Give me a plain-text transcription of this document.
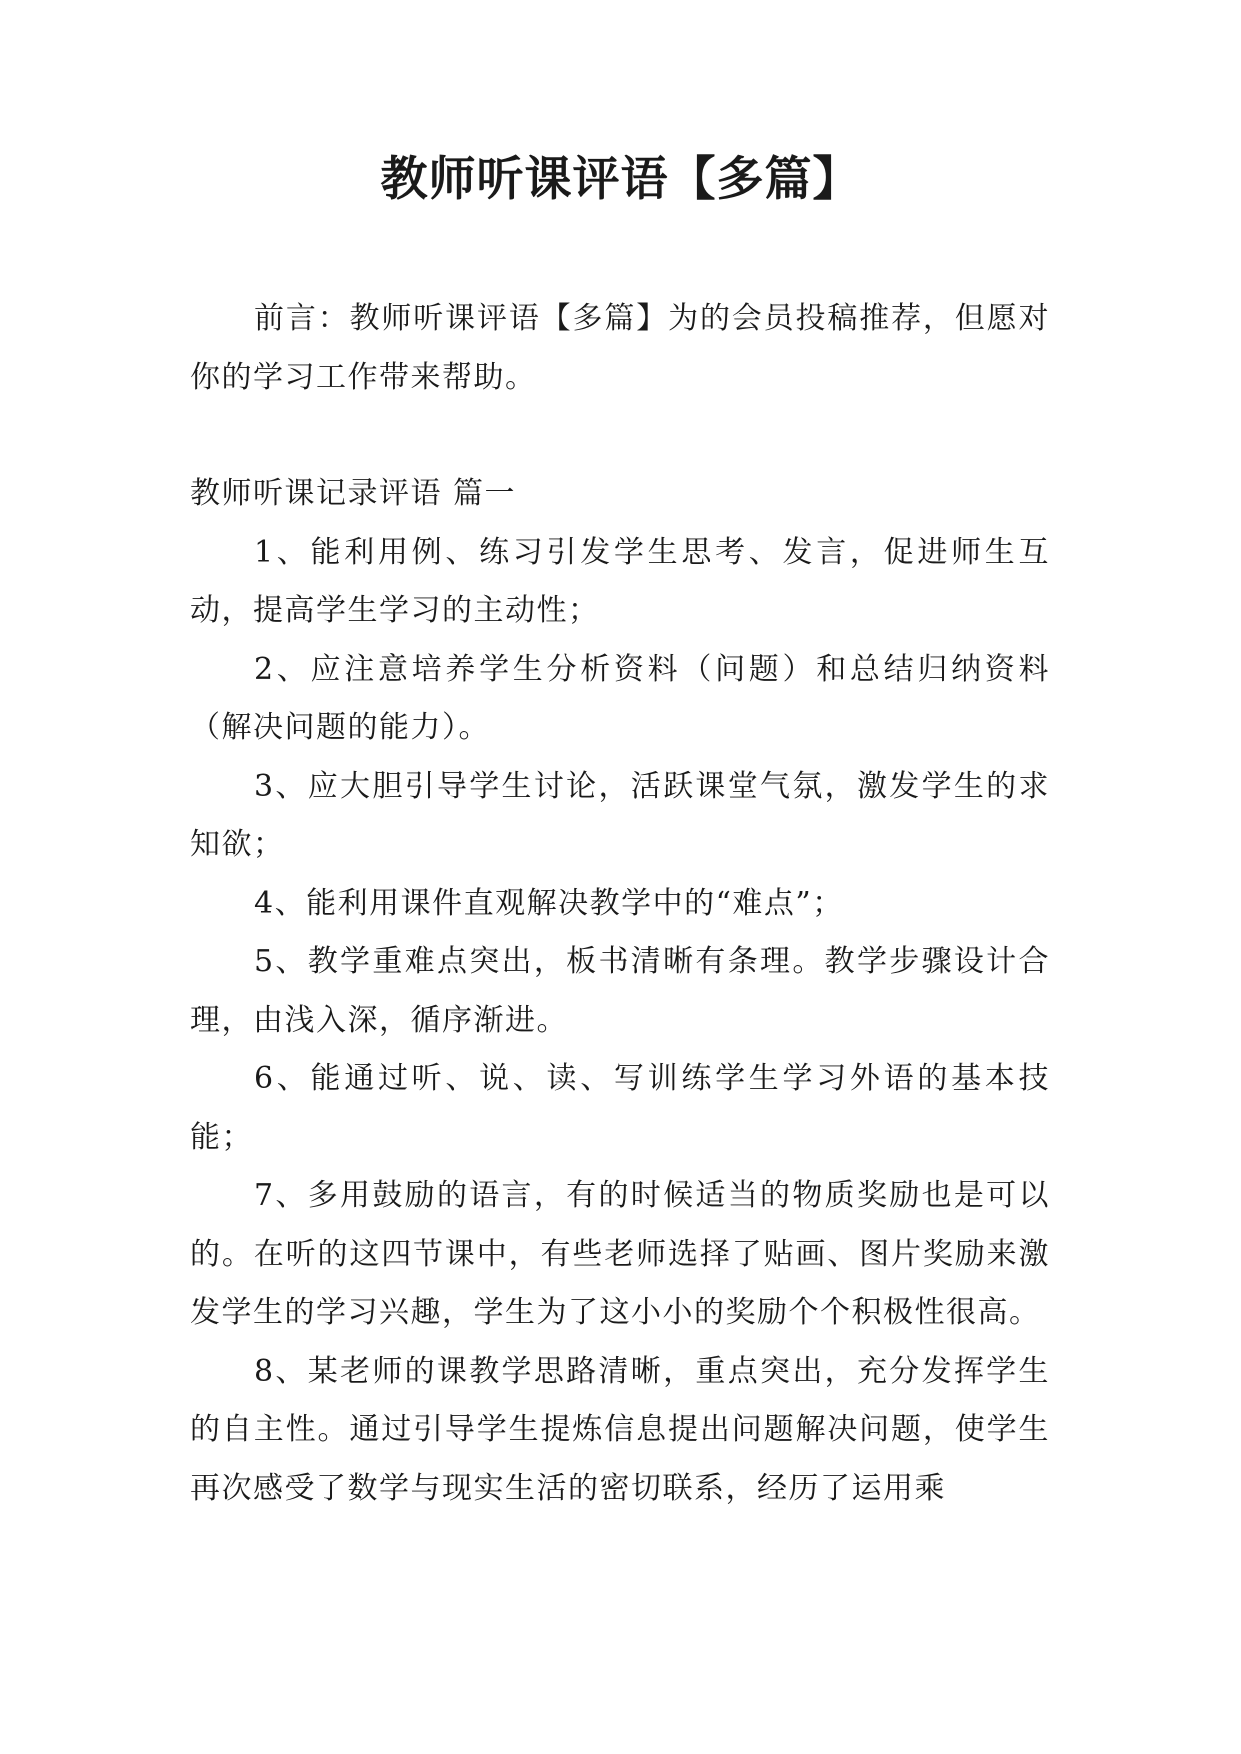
教师听课评语【多篇】

前言：教师听课评语【多篇】为的会员投稿推荐，但愿对你的学习工作带来帮助。

教师听课记录评语 篇一

1、能利用例、练习引发学生思考、发言，促进师生互动，提高学生学习的主动性；

2、应注意培养学生分析资料（问题）和总结归纳资料（解决问题的能力）。

3、应大胆引导学生讨论，活跃课堂气氛，激发学生的求知欲；

4、能利用课件直观解决教学中的“难点”；

5、教学重难点突出，板书清晰有条理。教学步骤设计合理，由浅入深，循序渐进。

6、能通过听、说、读、写训练学生学习外语的基本技能；

7、多用鼓励的语言，有的时候适当的物质奖励也是可以的。在听的这四节课中，有些老师选择了贴画、图片奖励来激发学生的学习兴趣，学生为了这小小的奖励个个积极性很高。

8、某老师的课教学思路清晰，重点突出，充分发挥学生的自主性。通过引导学生提炼信息提出问题解决问题，使学生再次感受了数学与现实生活的密切联系，经历了运用乘
